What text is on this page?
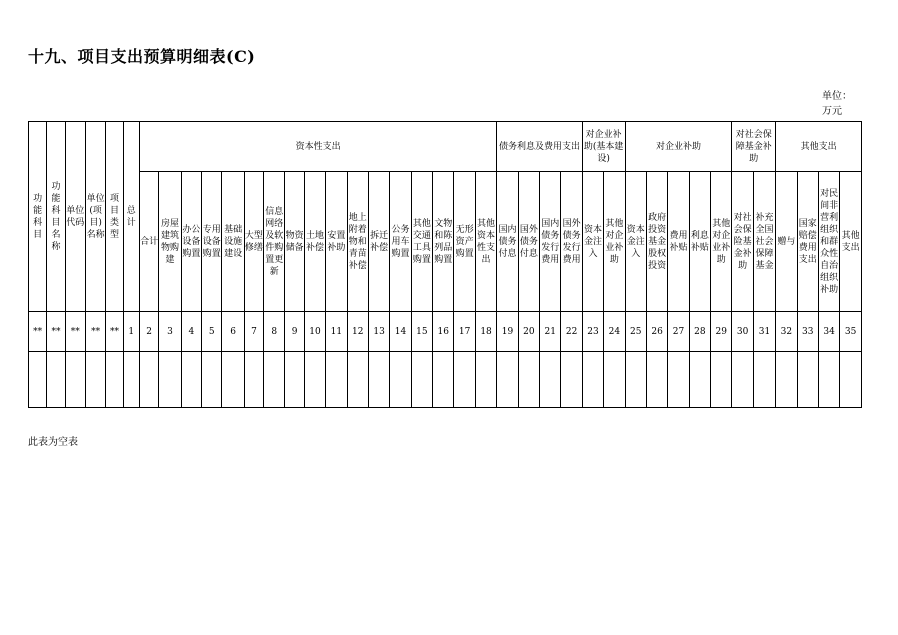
十九、项目支出预算明细表(C)
单位：万元
功能科目	功能科目名称	单位代码	单位(项目)名称	项目类型	总计	资本性支出																	债务利息及费用支出				对企业补助(基本建设)		对企业补助					对社会保障基金补助		其他支出			
						合计	房屋建筑物购建	办公设备购置	专用设备购置	基础设施建设	大型修缮	信息网络及软件购置更新	物资储备	土地补偿	安置补助	地上附着物和青苗补偿	拆迁补偿	公务用车购置	其他交通工具购置	文物和陈列品购置	无形资产购置	其他资本性支出	国内债务付息	国外债务付息	国内债务发行费用	国外债务发行费用	资本金注入	其他对企业补助	资本金注入	政府投资基金股权投资	费用补贴	利息补贴	其他对企业补助	对社会保险基金补助	补充全国社会保障基金	赠与	国家赔偿费用支出	对民间非营利组织和群众性自治组织补助	其他支出
**	**	**	**	**	1	2	3	4	5	6	7	8	9	10	11	12	13	14	15	16	17	18	19	20	21	22	23	24	25	26	27	28	29	30	31	32	33	34	35

此表为空表
